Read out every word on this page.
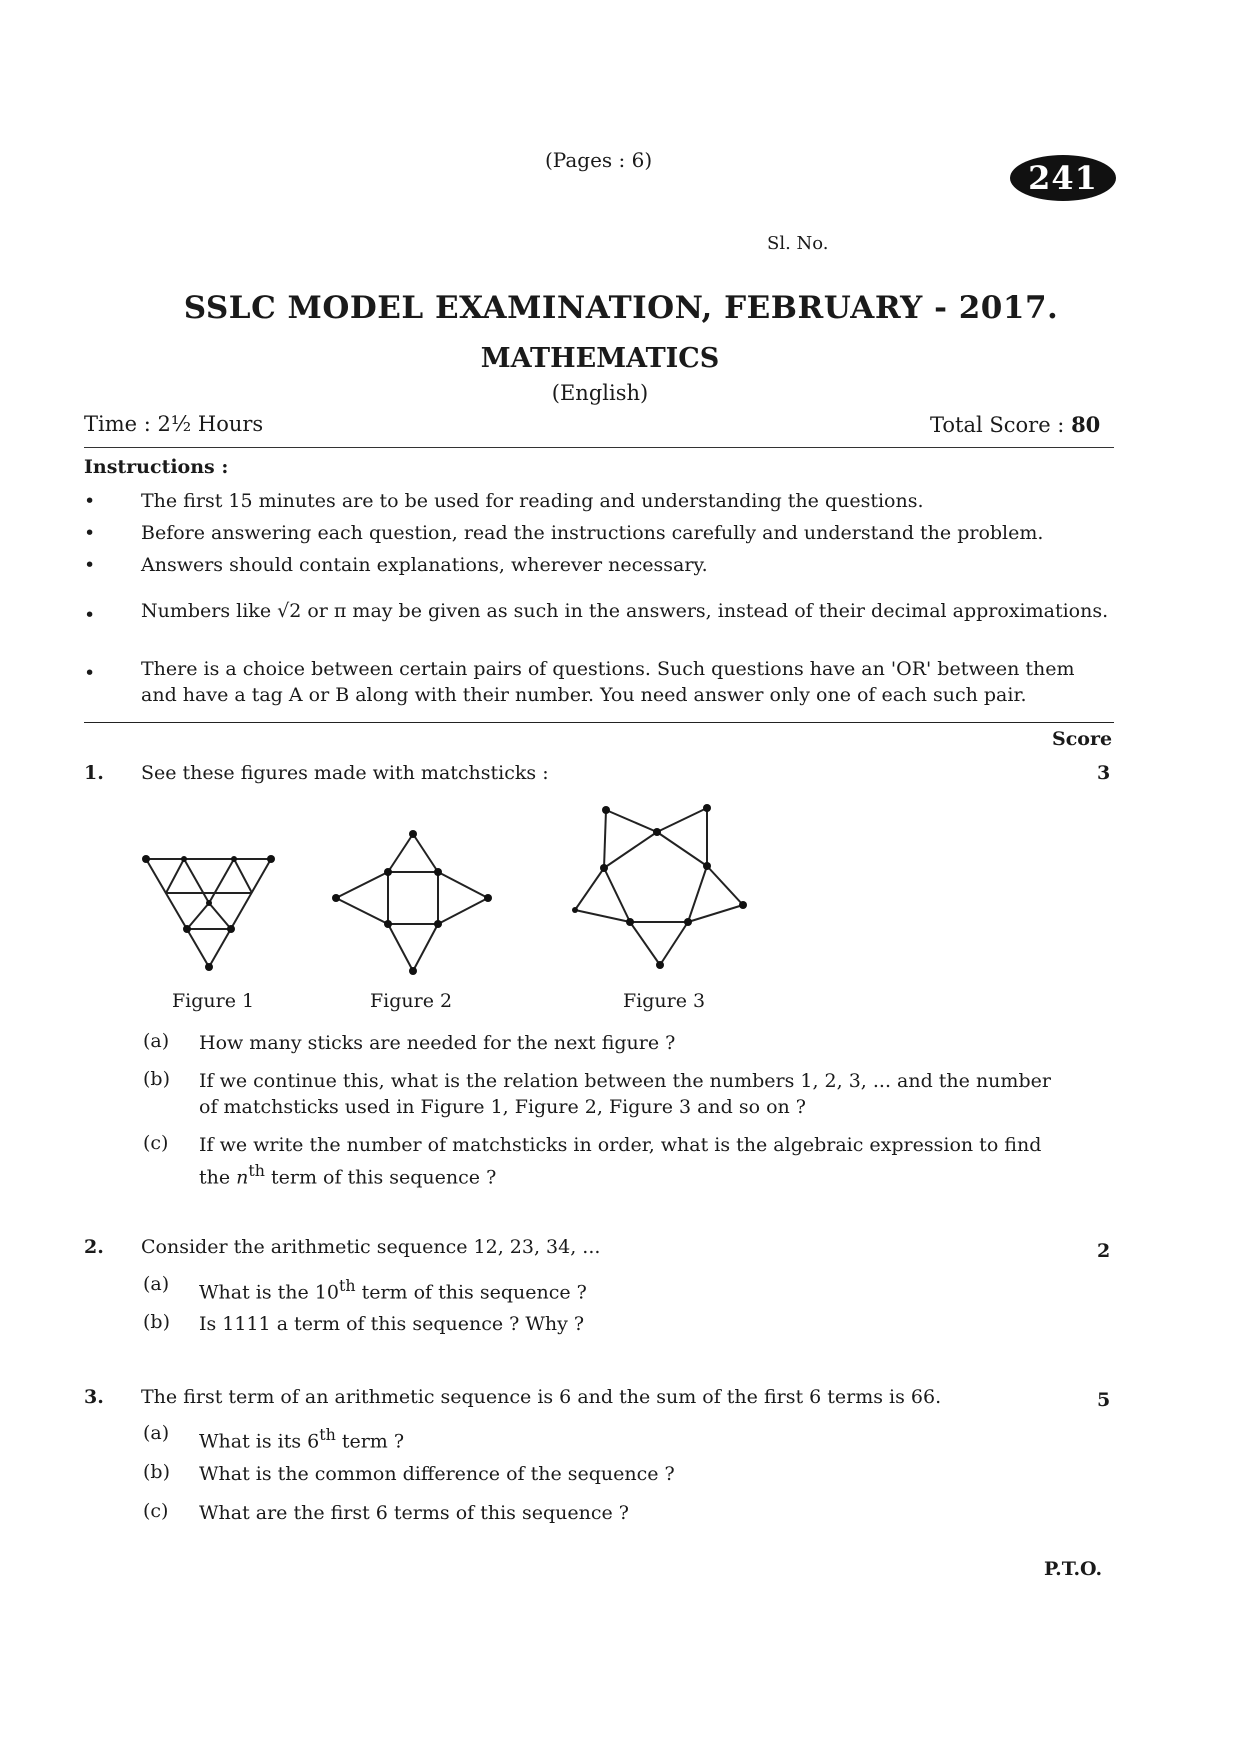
(Pages : 6)	241
Sl. No.
SSLC MODEL EXAMINATION, FEBRUARY - 2017.
MATHEMATICS
(English)
Time : 2½ Hours	Total Score : 80
Instructions :
• The first 15 minutes are to be used for reading and understanding the questions.
• Before answering each question, read the instructions carefully and understand the problem.
• Answers should contain explanations, wherever necessary.
• Numbers like √2 or π may be given as such in the answers, instead of their decimal approximations.
• There is a choice between certain pairs of questions. Such questions have an 'OR' between them and have a tag A or B along with their number. You need answer only one of each such pair.
Score
1. See these figures made with matchsticks :	3
Figure 1	Figure 2	Figure 3
(a) How many sticks are needed for the next figure ?
(b) If we continue this, what is the relation between the numbers 1, 2, 3, ... and the number of matchsticks used in Figure 1, Figure 2, Figure 3 and so on ?
(c) If we write the number of matchsticks in order, what is the algebraic expression to find the $n^{th}$ term of this sequence ?
2. Consider the arithmetic sequence 12, 23, 34, ...	2
(a) What is the 10th term of this sequence ?
(b) Is 1111 a term of this sequence ? Why ?
3. The first term of an arithmetic sequence is 6 and the sum of the first 6 terms is 66.	5
(a) What is its 6th term ?
(b) What is the common difference of the sequence ?
(c) What are the first 6 terms of this sequence ?
P.T.O.
